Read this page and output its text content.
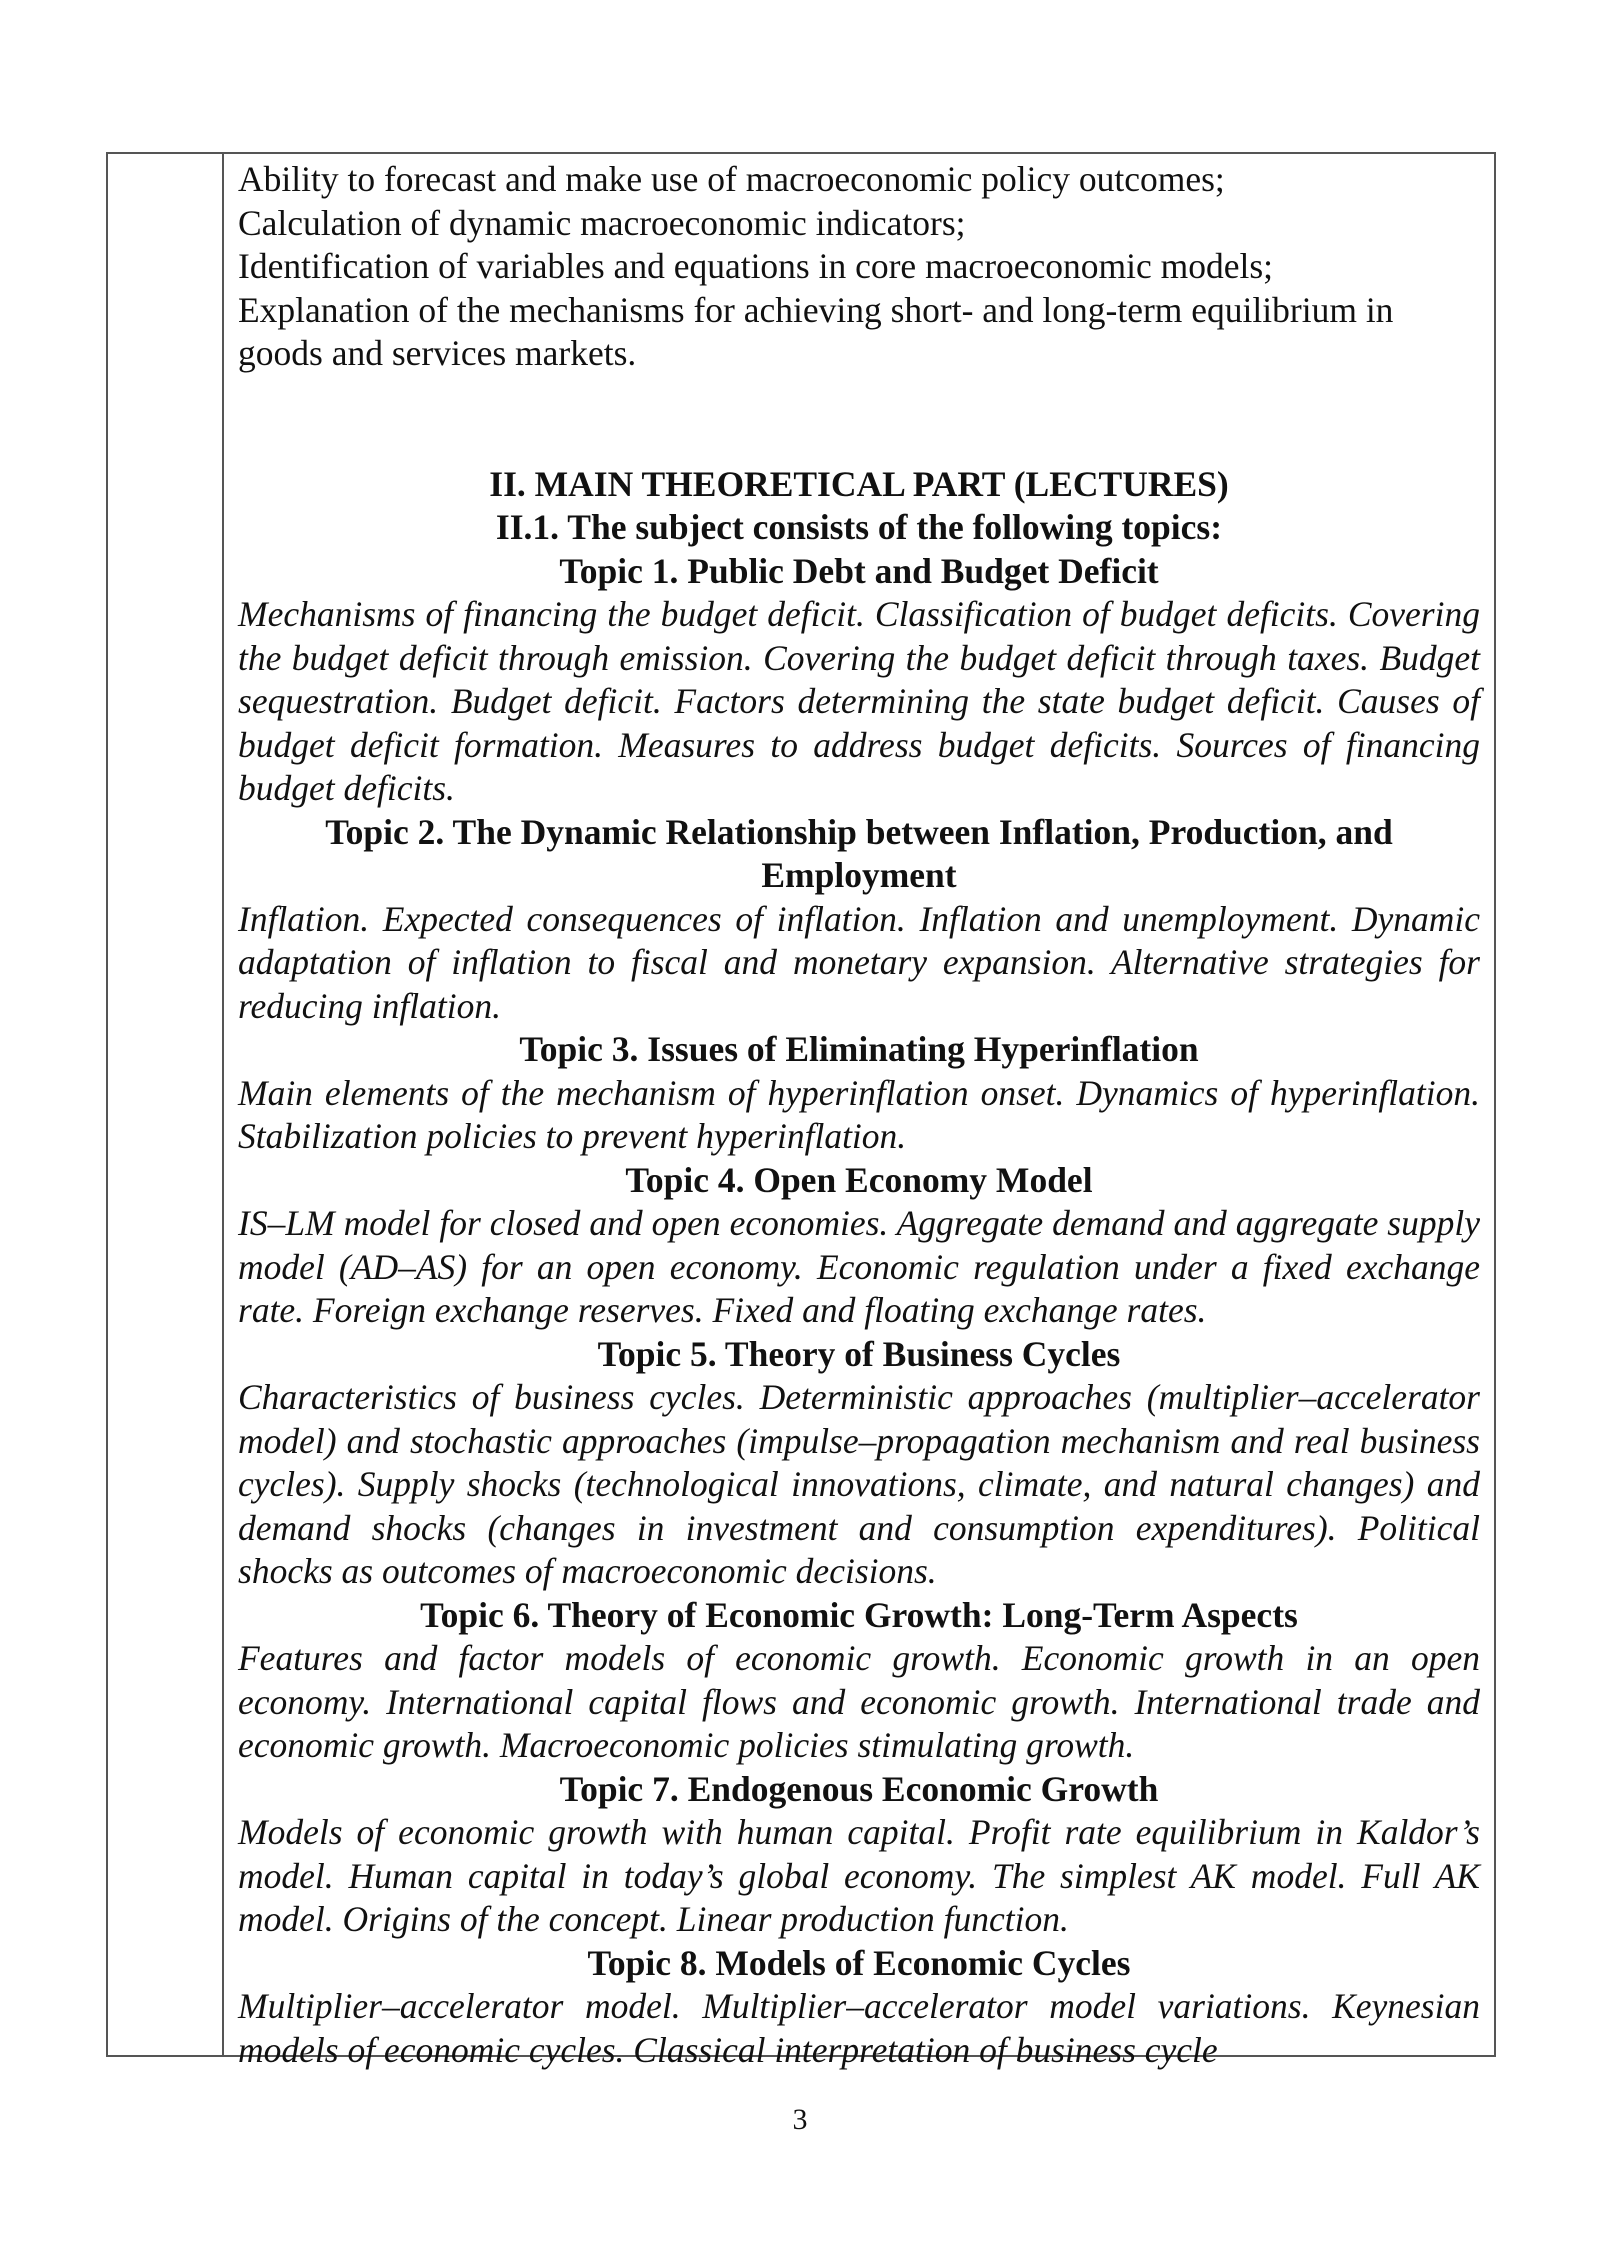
Ability to forecast and make use of macroeconomic policy outcomes;

Calculation of dynamic macroeconomic indicators;

Identification of variables and equations in core macroeconomic models;

Explanation of the mechanisms for achieving short- and long-term equilibrium in goods and services markets.

II. MAIN THEORETICAL PART (LECTURES)

II.1. The subject consists of the following topics:

Topic 1. Public Debt and Budget Deficit

Mechanisms of financing the budget deficit. Classification of budget deficits. Covering the budget deficit through emission. Covering the budget deficit through taxes. Budget sequestration. Budget deficit. Factors determining the state budget deficit. Causes of budget deficit formation. Measures to address budget deficits. Sources of financing budget deficits.

Topic 2. The Dynamic Relationship between Inflation, Production, and Employment

Inflation. Expected consequences of inflation. Inflation and unemployment. Dynamic adaptation of inflation to fiscal and monetary expansion. Alternative strategies for reducing inflation.

Topic 3. Issues of Eliminating Hyperinflation

Main elements of the mechanism of hyperinflation onset. Dynamics of hyperinflation. Stabilization policies to prevent hyperinflation.

Topic 4. Open Economy Model

IS–LM model for closed and open economies. Aggregate demand and aggregate supply model (AD–AS) for an open economy. Economic regulation under a fixed exchange rate. Foreign exchange reserves. Fixed and floating exchange rates.

Topic 5. Theory of Business Cycles

Characteristics of business cycles. Deterministic approaches (multiplier–accelerator model) and stochastic approaches (impulse–propagation mechanism and real business cycles). Supply shocks (technological innovations, climate, and natural changes) and demand shocks (changes in investment and consumption expenditures). Political shocks as outcomes of macroeconomic decisions.

Topic 6. Theory of Economic Growth: Long-Term Aspects

Features and factor models of economic growth. Economic growth in an open economy. International capital flows and economic growth. International trade and economic growth. Macroeconomic policies stimulating growth.

Topic 7. Endogenous Economic Growth

Models of economic growth with human capital. Profit rate equilibrium in Kaldor’s model. Human capital in today’s global economy. The simplest AK model. Full AK model. Origins of the concept. Linear production function.

Topic 8. Models of Economic Cycles

Multiplier–accelerator model. Multiplier–accelerator model variations. Keynesian models of economic cycles. Classical interpretation of business cycle

3
